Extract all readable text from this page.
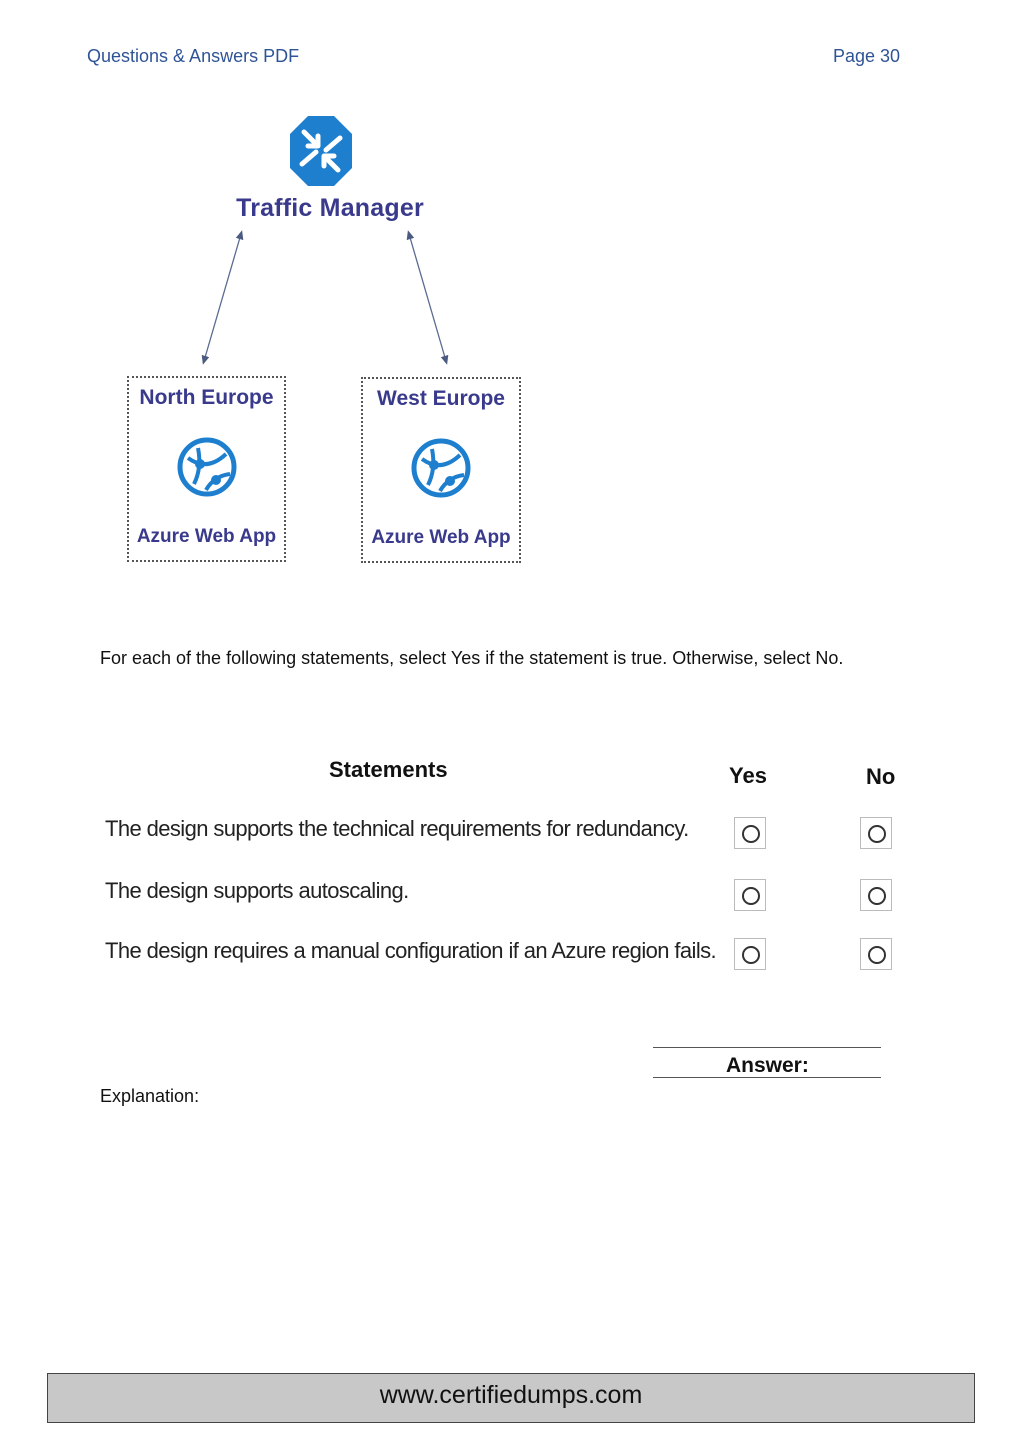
Questions & Answers PDF	Page 30
Traffic Manager
North Europe
Azure Web App
West Europe
Azure Web App
For each of the following statements, select Yes if the statement is true. Otherwise, select No.
Statements	Yes	No
The design supports the technical requirements for redundancy.
The design supports autoscaling.
The design requires a manual configuration if an Azure region fails.
Answer:
Explanation:
www.certifiedumps.com
